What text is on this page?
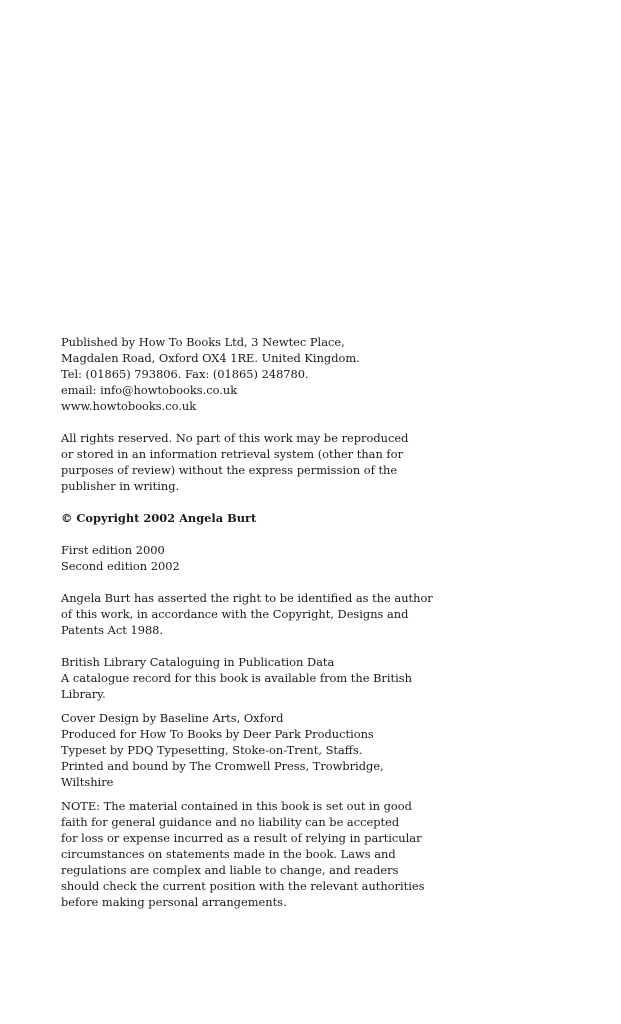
Published by How To Books Ltd, 3 Newtec Place,
Magdalen Road, Oxford OX4 1RE. United Kingdom.
Tel: (01865) 793806. Fax: (01865) 248780.
email: info@howtobooks.co.uk
www.howtobooks.co.uk
All rights reserved. No part of this work may be reproduced
or stored in an information retrieval system (other than for
purposes of review) without the express permission of the
publisher in writing.
© Copyright 2002 Angela Burt
First edition 2000
Second edition 2002
Angela Burt has asserted the right to be identified as the author
of this work, in accordance with the Copyright, Designs and
Patents Act 1988.
British Library Cataloguing in Publication Data
A catalogue record for this book is available from the British
Library.
Cover Design by Baseline Arts, Oxford
Produced for How To Books by Deer Park Productions
Typeset by PDQ Typesetting, Stoke-on-Trent, Staffs.
Printed and bound by The Cromwell Press, Trowbridge,
Wiltshire
NOTE: The material contained in this book is set out in good
faith for general guidance and no liability can be accepted
for loss or expense incurred as a result of relying in particular
circumstances on statements made in the book. Laws and
regulations are complex and liable to change, and readers
should check the current position with the relevant authorities
before making personal arrangements.
